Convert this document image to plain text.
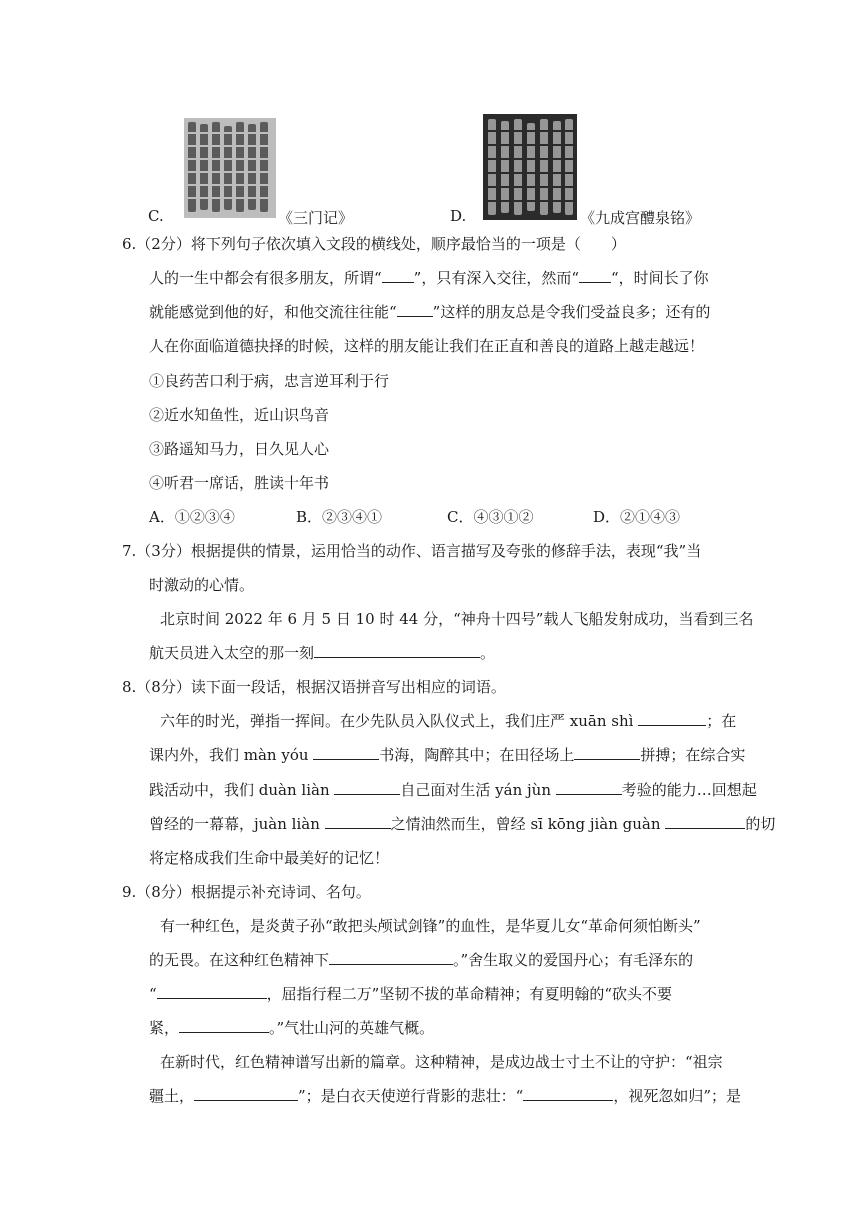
C.	《三门记》	D.	《九成宫醴泉铭》
6.（2分）将下列句子依次填入文段的横线处，顺序最恰当的一项是（　　）
人的一生中都会有很多朋友，所谓“ ”，只有深入交往，然而“ “，时间长了你
就能感觉到他的好，和他交流往往能“ ”这样的朋友总是令我们受益良多；还有的
人在你面临道德抉择的时候，这样的朋友能让我们在正直和善良的道路上越走越远！
①良药苦口利于病，忠言逆耳利于行
②近水知鱼性，近山识鸟音
③路遥知马力，日久见人心
④听君一席话，胜读十年书
A．①②③④	B．②③④①	C．④③①②	D．②①④③
7.（3分）根据提供的情景，运用恰当的动作、语言描写及夸张的修辞手法，表现“我”当
时激动的心情。
北京时间 2022 年 6 月 5 日 10 时 44 分，“神舟十四号”载人飞船发射成功，当看到三名
航天员进入太空的那一刻	。
8.（8分）读下面一段话，根据汉语拼音写出相应的词语。
六年的时光，弹指一挥间。在少先队员入队仪式上，我们庄严 xuān shì	；在
课内外，我们 màn yóu	书海，陶醉其中；在田径场上	拼搏；在综合实
践活动中，我们 duàn liàn	自己面对生活 yán jùn	考验的能力…回想起
曾经的一幕幕，juàn liàn	之情油然而生，曾经 sī kōng jiàn guàn	的切
将定格成我们生命中最美好的记忆！
9.（8分）根据提示补充诗词、名句。
有一种红色，是炎黄子孙“敢把头颅试剑锋”的血性，是华夏儿女“革命何须怕断头”
的无畏。在这种红色精神下	。”舍生取义的爱国丹心；有毛泽东的
“	，屈指行程二万”坚韧不拔的革命精神；有夏明翰的“砍头不要
紧，	。”气壮山河的英雄气概。
在新时代，红色精神谱写出新的篇章。这种精神，是成边战士寸土不让的守护：“祖宗
疆土，	”；是白衣天使逆行背影的悲壮：“	，视死忽如归”；是
